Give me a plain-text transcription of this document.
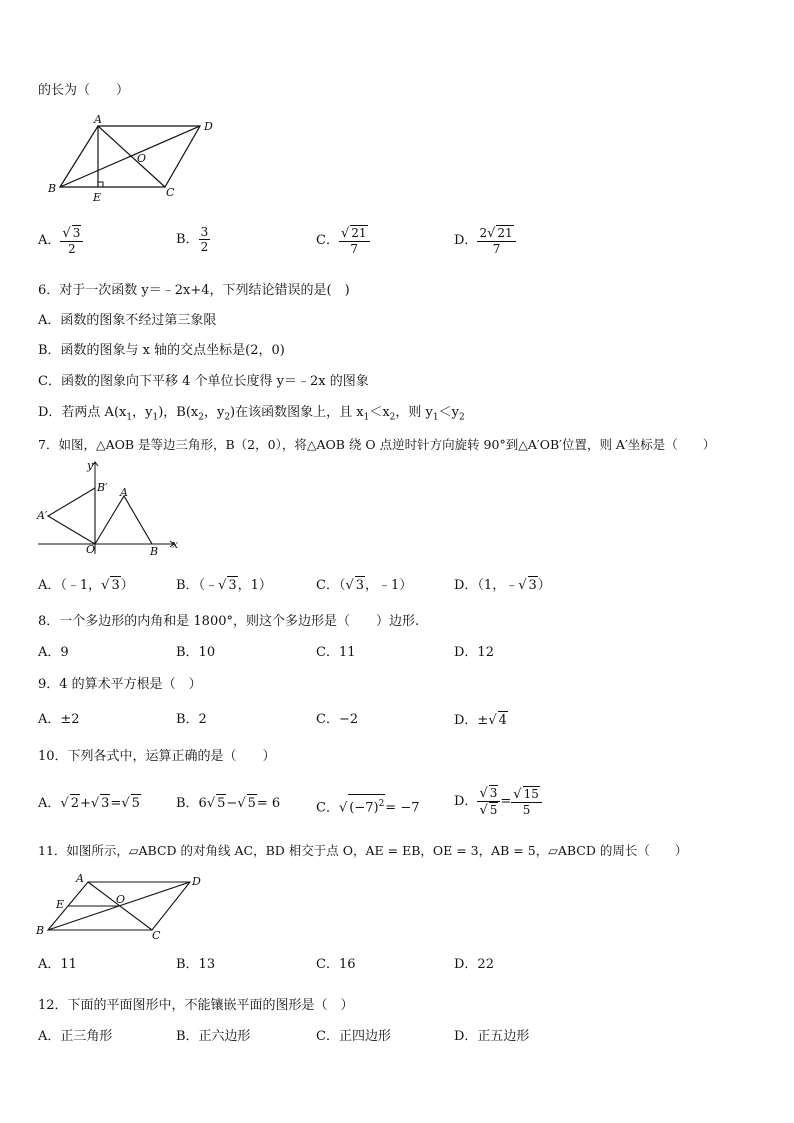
的长为（　　）
A
D
B	C
O
E
A． $\frac{√ 3}{2}$	B． $\frac{3}{2}$	C． $\frac{√ 21}{7}$	D． $\frac{2√ 21}{7}$
6．对于一次函数 y＝﹣2x+4，下列结论错误的是(　)
A．函数的图象不经过第三象限
B．函数的图象与 x 轴的交点坐标是(2，0)
C．函数的图象向下平移 4 个单位长度得 y＝﹣2x 的图象
D．若两点 $A(x_1$，$y_1$)，$B(x_2$，$y_2$)在该函数图象上，且 $x_1<x_2$，则 $y_1<y_2$
7．如图，△AOB 是等边三角形，B（2，0），将△AOB 绕 O 点逆时针方向旋转 90°到△A′OB′位置，则 A′坐标是（　　）
y
x
B′ A
A′
O	B
A．（﹣1，√ 3）	B．（﹣√ 3，1）	C．（√ 3，﹣1）	D．（1，﹣√ 3）
8．一个多边形的内角和是 1800°，则这个多边形是（　　）边形.
A．9	B．10	C．11	D．12
9．4 的算术平方根是（　）
A．±2	B．2	C．−2	D．±√ 4
10．下列各式中，运算正确的是（　　）
A．√ 2+√ 3=√ 5	B．6√ 5−√ 5= 6	C．√ $(-7)^2= -7$	D． $\frac{√ 3}{√ 5} = \frac{√ 15}{5}$
11．如图所示，▱ABCD 的对角线 AC，BD 相交于点 O，AE = EB，OE = 3，AB = 5，▱ABCD 的周长（　　）
A	D
B	C
O
E
A．11	B．13	C．16	D．22
12．下面的平面图形中，不能镶嵌平面的图形是（　）
A．正三角形	B．正六边形	C．正四边形	D．正五边形
